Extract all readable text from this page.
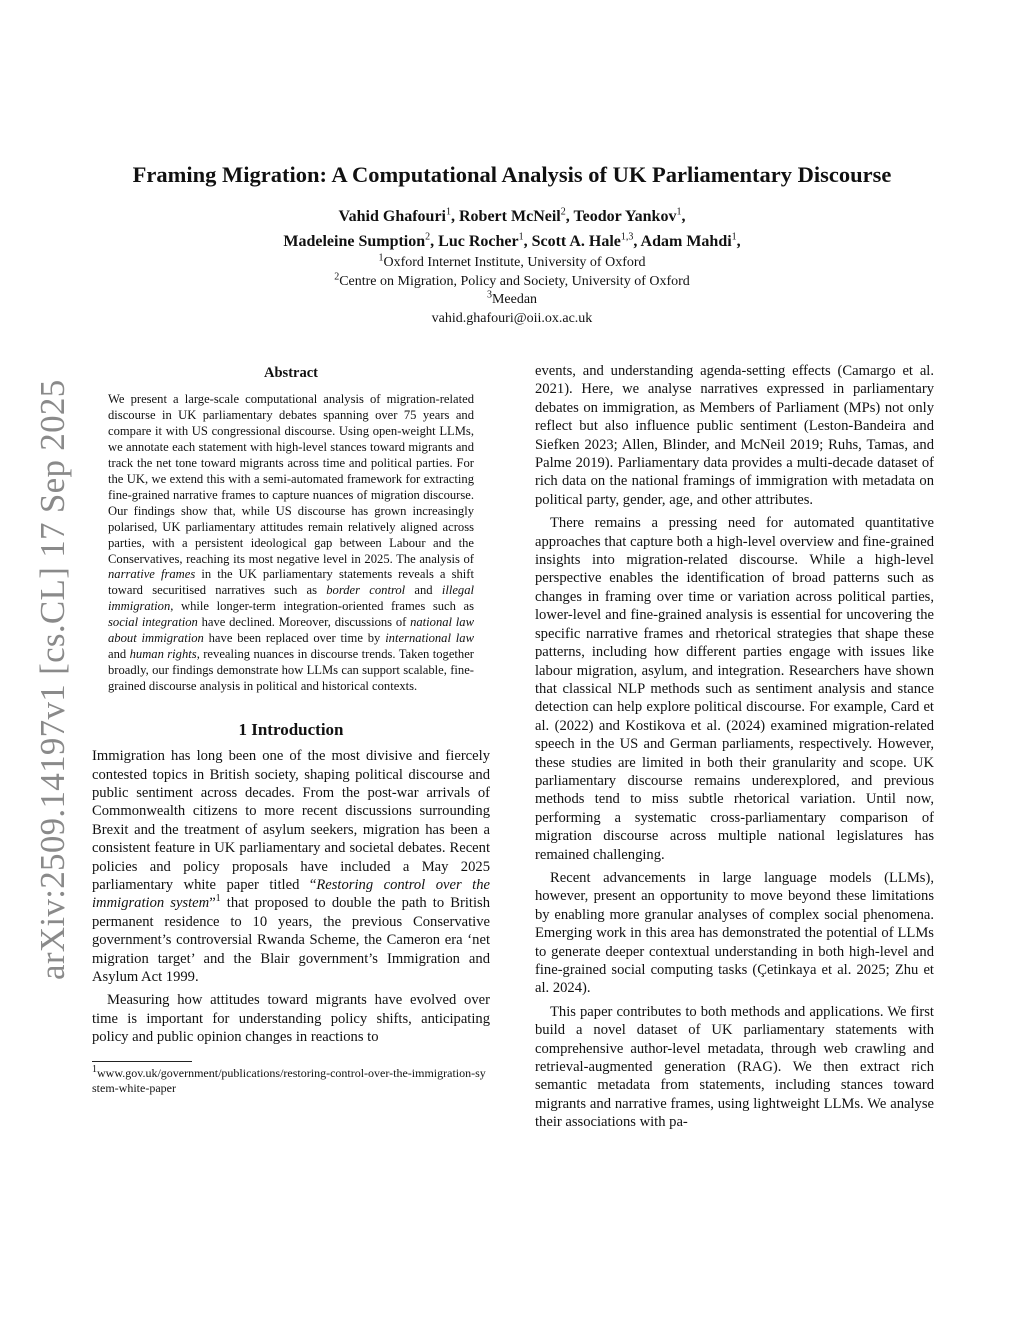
arXiv:2509.14197v1 [cs.CL] 17 Sep 2025
Framing Migration: A Computational Analysis of UK Parliamentary Discourse
Vahid Ghafouri$^1$, Robert McNeil$^2$, Teodor Yankov$^1$,
Madeleine Sumption$^2$, Luc Rocher$^1$, Scott A. Hale$^{1,3}$, Adam Mahdi$^1$,
$^1$Oxford Internet Institute, University of Oxford
$^2$Centre on Migration, Policy and Society, University of Oxford
$^3$Meedan
vahid.ghafouri@oii.ox.ac.uk
Abstract
We present a large-scale computational analysis of migration-related discourse in UK parliamentary debates spanning over 75 years and compare it with US congressional discourse. Using open-weight LLMs, we annotate each statement with high-level stances toward migrants and track the net tone toward migrants across time and political parties. For the UK, we extend this with a semi-automated framework for extracting fine-grained narrative frames to capture nuances of migration discourse. Our findings show that, while US discourse has grown increasingly polarised, UK parliamentary attitudes remain relatively aligned across parties, with a persistent ideological gap between Labour and the Conservatives, reaching its most negative level in 2025. The analysis of narrative frames in the UK parliamentary statements reveals a shift toward securitised narratives such as border control and illegal immigration, while longer-term integration-oriented frames such as social integration have declined. Moreover, discussions of national law about immigration have been replaced over time by international law and human rights, revealing nuances in discourse trends. Taken together broadly, our findings demonstrate how LLMs can support scalable, fine-grained discourse analysis in political and historical contexts.
1 Introduction

Immigration has long been one of the most divisive and fiercely contested topics in British society, shaping political discourse and public sentiment across decades. From the post-war arrivals of Commonwealth citizens to more recent discussions surrounding Brexit and the treatment of asylum seekers, migration has been a consistent feature in UK parliamentary and societal debates. Recent policies and policy proposals have included a May 2025 parliamentary white paper titled “Restoring control over the immigration system”$^1$ that proposed to double the path to British permanent residence to 10 years, the previous Conservative government’s controversial Rwanda Scheme, the Cameron era ‘net migration target’ and the Blair government’s Immigration and Asylum Act 1999.

Measuring how attitudes toward migrants have evolved over time is important for understanding policy shifts, anticipating policy and public opinion changes in reactions to

$^1$www.gov.uk/government/publications/restoring-control-over-the-immigration-system-white-paper

events, and understanding agenda-setting effects (Camargo et al. 2021). Here, we analyse narratives expressed in parliamentary debates on immigration, as Members of Parliament (MPs) not only reflect but also influence public sentiment (Leston-Bandeira and Siefken 2023; Allen, Blinder, and McNeil 2019; Ruhs, Tamas, and Palme 2019). Parliamentary data provides a multi-decade dataset of rich data on the national framings of immigration with metadata on political party, gender, age, and other attributes.

There remains a pressing need for automated quantitative approaches that capture both a high-level overview and fine-grained insights into migration-related discourse. While a high-level perspective enables the identification of broad patterns such as changes in framing over time or variation across political parties, lower-level and fine-grained analysis is essential for uncovering the specific narrative frames and rhetorical strategies that shape these patterns, including how different parties engage with issues like labour migration, asylum, and integration. Researchers have shown that classical NLP methods such as sentiment analysis and stance detection can help explore political discourse. For example, Card et al. (2022) and Kostikova et al. (2024) examined migration-related speech in the US and German parliaments, respectively. However, these studies are limited in both their granularity and scope. UK parliamentary discourse remains underexplored, and previous methods tend to miss subtle rhetorical variation. Until now, performing a systematic cross-parliamentary comparison of migration discourse across multiple national legislatures has remained challenging.

Recent advancements in large language models (LLMs), however, present an opportunity to move beyond these limitations by enabling more granular analyses of complex social phenomena. Emerging work in this area has demonstrated the potential of LLMs to generate deeper contextual understanding in both high-level and fine-grained social computing tasks (Çetinkaya et al. 2025; Zhu et al. 2024).

This paper contributes to both methods and applications. We first build a novel dataset of UK parliamentary statements with comprehensive author-level metadata, through web crawling and retrieval-augmented generation (RAG). We then extract rich semantic metadata from statements, including stances toward migrants and narrative frames, using lightweight LLMs. We analyse their associations with pa-
